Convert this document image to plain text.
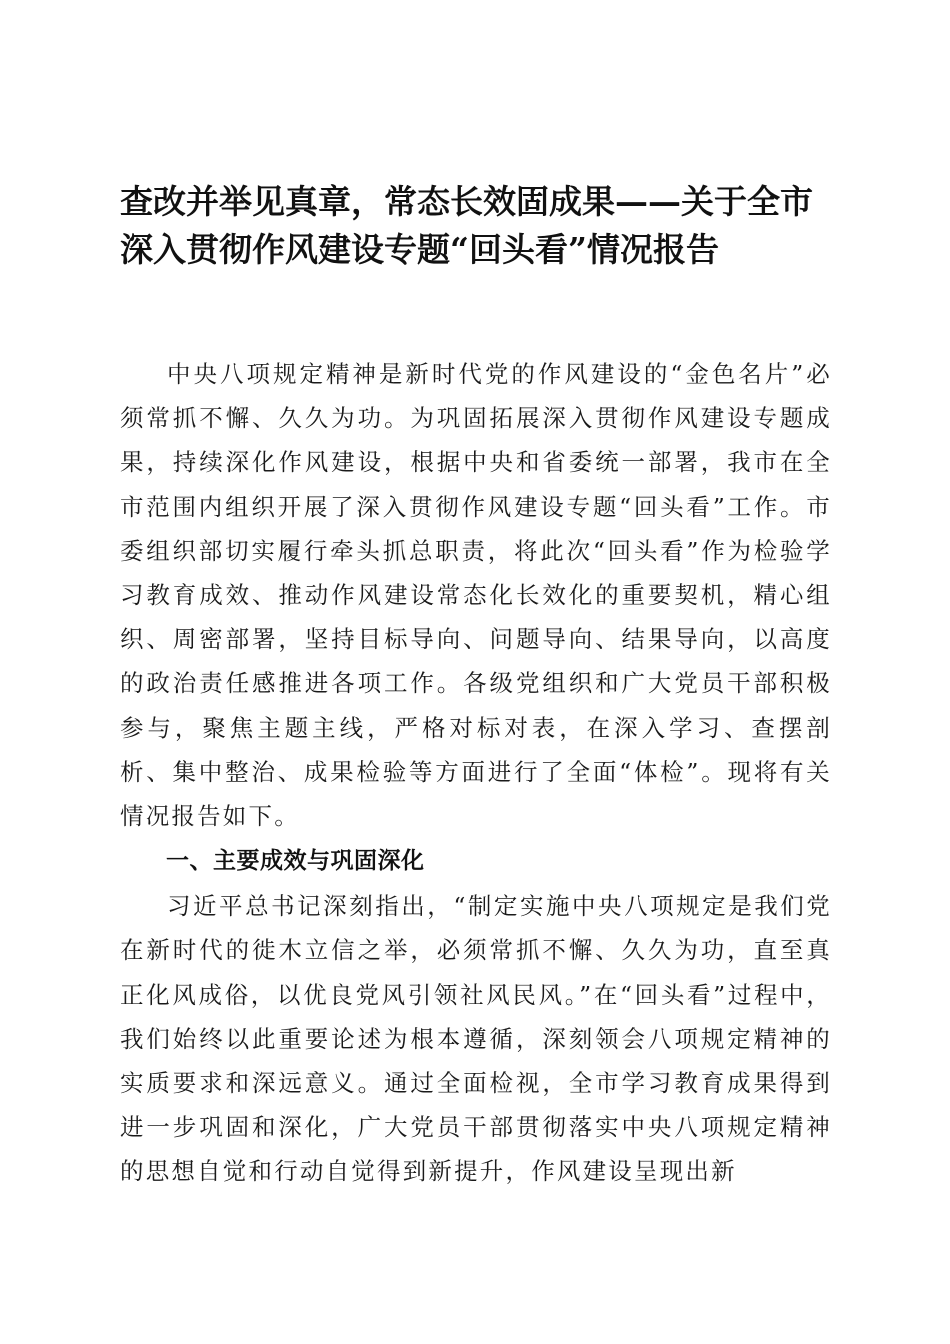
查改并举见真章，常态长效固成果——关于全市深入贯彻作风建设专题“回头看”情况报告

中央八项规定精神是新时代党的作风建设的“金色名片”必须常抓不懈、久久为功。为巩固拓展深入贯彻作风建设专题成果，持续深化作风建设，根据中央和省委统一部署，我市在全市范围内组织开展了深入贯彻作风建设专题“回头看”工作。市委组织部切实履行牵头抓总职责，将此次“回头看”作为检验学习教育成效、推动作风建设常态化长效化的重要契机，精心组织、周密部署，坚持目标导向、问题导向、结果导向，以高度的政治责任感推进各项工作。各级党组织和广大党员干部积极参与，聚焦主题主线，严格对标对表，在深入学习、查摆剖析、集中整治、成果检验等方面进行了全面“体检”。现将有关情况报告如下。

一、主要成效与巩固深化

习近平总书记深刻指出，“制定实施中央八项规定是我们党在新时代的徙木立信之举，必须常抓不懈、久久为功，直至真正化风成俗，以优良党风引领社风民风。”在“回头看”过程中，我们始终以此重要论述为根本遵循，深刻领会八项规定精神的实质要求和深远意义。通过全面检视，全市学习教育成果得到进一步巩固和深化，广大党员干部贯彻落实中央八项规定精神的思想自觉和行动自觉得到新提升，作风建设呈现出新
